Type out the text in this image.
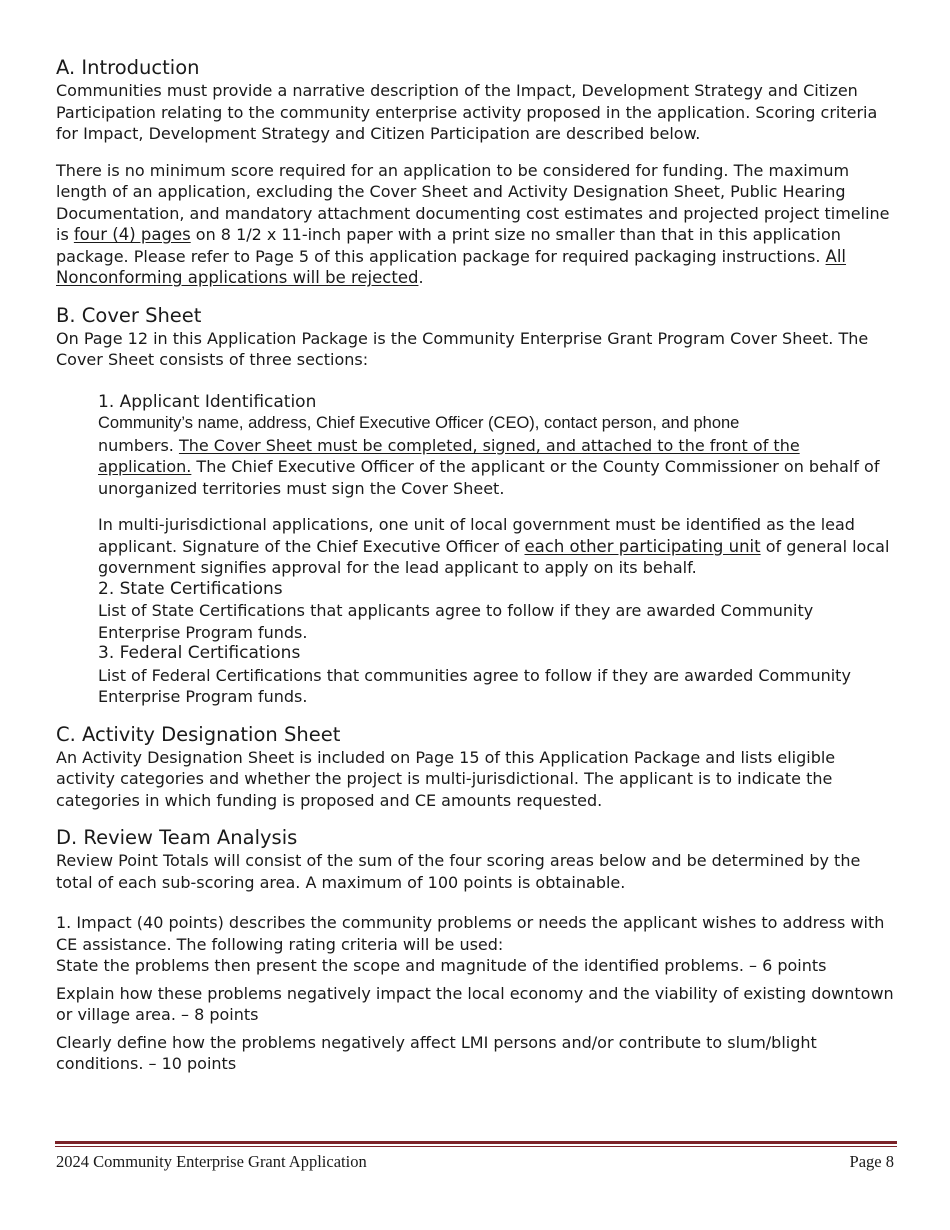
A. Introduction

Communities must provide a narrative description of the Impact, Development Strategy and Citizen Participation relating to the community enterprise activity proposed in the application. Scoring criteria for Impact, Development Strategy and Citizen Participation are described below.

There is no minimum score required for an application to be considered for funding. The maximum length of an application, excluding the Cover Sheet and Activity Designation Sheet, Public Hearing Documentation, and mandatory attachment documenting cost estimates and projected project timeline is four (4) pages on 8 1/2 x 11-inch paper with a print size no smaller than that in this application package. Please refer to Page 5 of this application package for required packaging instructions. All Nonconforming applications will be rejected.

B. Cover Sheet

On Page 12 in this Application Package is the Community Enterprise Grant Program Cover Sheet. The Cover Sheet consists of three sections:

1. Applicant Identification

Community’s name, address, Chief Executive Officer (CEO), contact person, and phone

numbers. The Cover Sheet must be completed, signed, and attached to the front of the application. The Chief Executive Officer of the applicant or the County Commissioner on behalf of unorganized territories must sign the Cover Sheet.

In multi-jurisdictional applications, one unit of local government must be identified as the lead applicant. Signature of the Chief Executive Officer of each other participating unit of general local government signifies approval for the lead applicant to apply on its behalf.

2. State Certifications

List of State Certifications that applicants agree to follow if they are awarded Community Enterprise Program funds.

3. Federal Certifications

List of Federal Certifications that communities agree to follow if they are awarded Community Enterprise Program funds.

C. Activity Designation Sheet

An Activity Designation Sheet is included on Page 15 of this Application Package and lists eligible activity categories and whether the project is multi-jurisdictional. The applicant is to indicate the categories in which funding is proposed and CE amounts requested.

D. Review Team Analysis

Review Point Totals will consist of the sum of the four scoring areas below and be determined by the total of each sub-scoring area. A maximum of 100 points is obtainable.

1. Impact (40 points) describes the community problems or needs the applicant wishes to address with CE assistance. The following rating criteria will be used:

State the problems then present the scope and magnitude of the identified problems. – 6 points

Explain how these problems negatively impact the local economy and the viability of existing downtown or village area. – 8 points

Clearly define how the problems negatively affect LMI persons and/or contribute to slum/blight conditions. – 10 points

2024 Community Enterprise Grant Application	Page 8
